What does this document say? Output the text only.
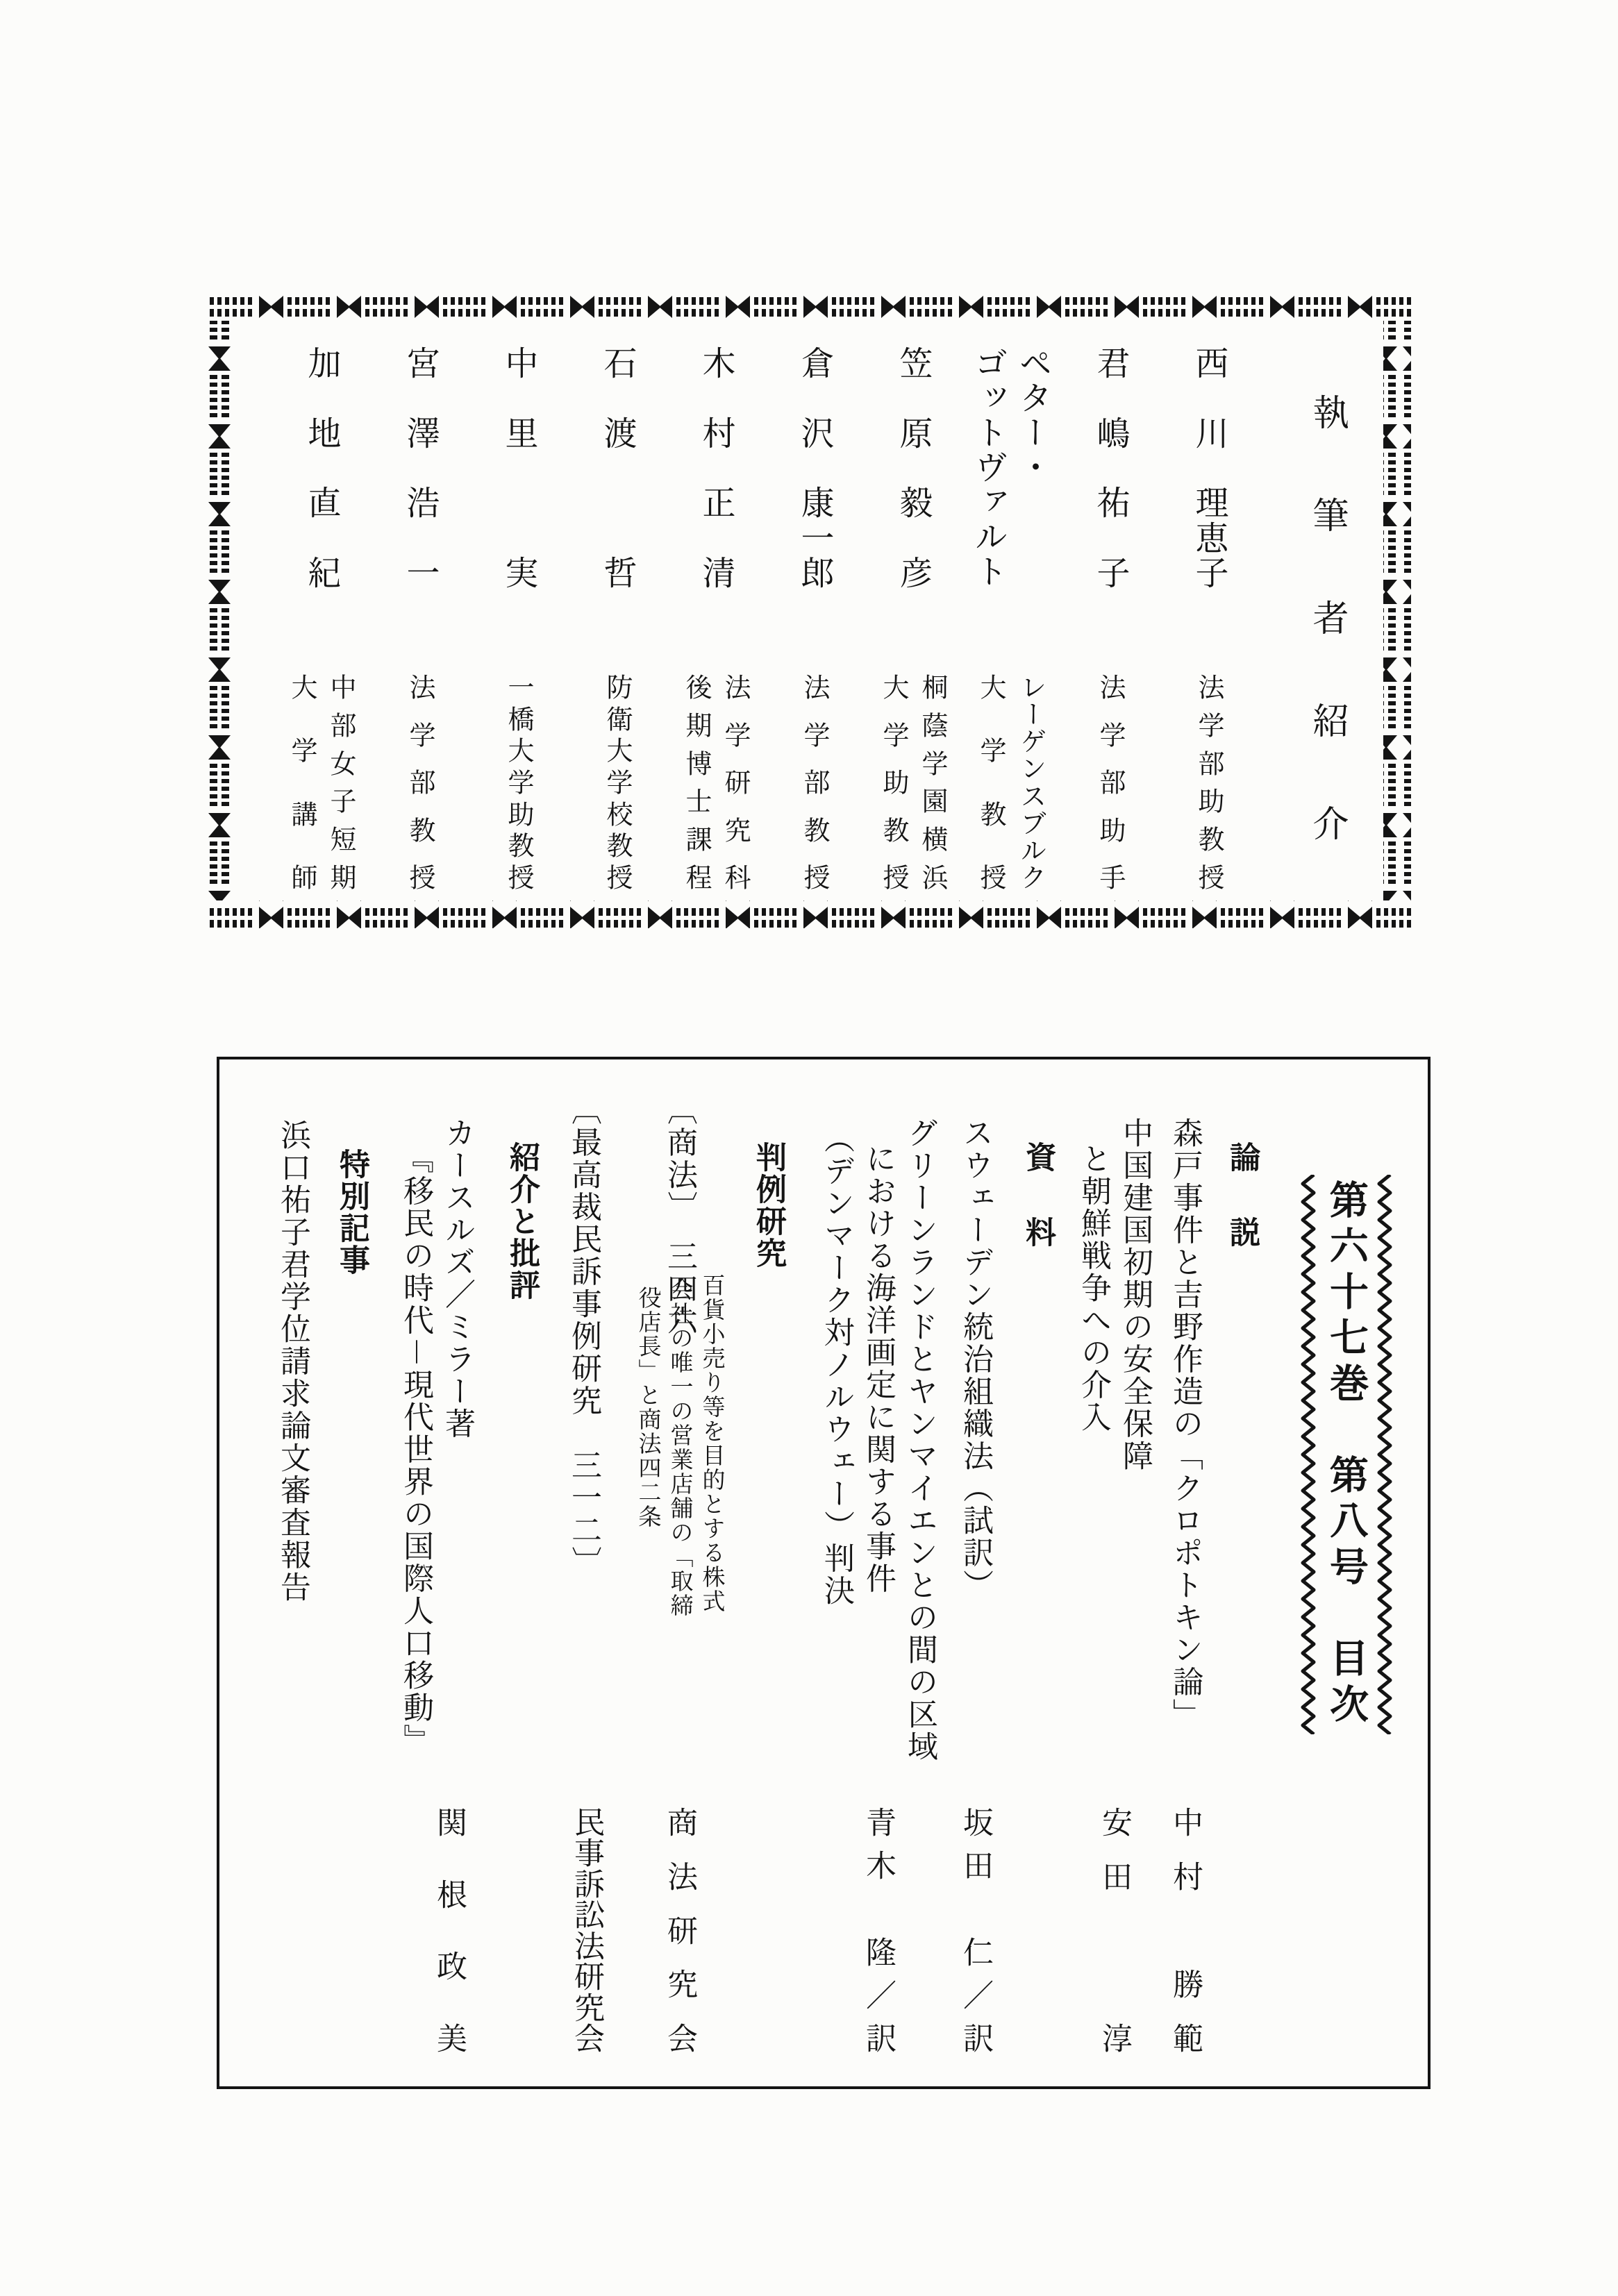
執
筆
者
紹
介
西

川

理
恵
子
法
学
部
助
教
授
君

嶋

祐

子
法
学
部
助
手
ペター・
ゴットヴァルト
レ
ー
ゲ
ン
ス
ブ
ル
ク
大
学
教
授
笠

原

毅

彦
桐
蔭
学
園
横
浜
大
学
助
教
授
倉

沢

康
一
郎
法
学
部
教
授
木

村

正

清
法
学
研
究
科
後
期
博
士
課
程
石

渡

哲
防
衛
大
学
校
教
授
中

里

実
一
橋
大
学
助
教
授
宮

澤

浩

一
法
学
部
教
授
加

地

直

紀
中
部
女
子
短
期
大
学
講
師
第六十七巻　第八号　目次
論　説
森戸事件と吉野作造の「クロポトキン論」
中
村

勝
範
中国建国初期の安全保障
と朝鮮戦争への介入
安
田

淳
資　料
スウェーデン統治組織法（試訳）
坂
田

仁
／
訳
グリーンランドとヤンマイエンとの間の区域
における海洋画定に関する事件
（デンマーク対ノルウェー）判決
青
木

隆
／
訳
判例研究
〔商法〕　三四六
百貨小売り等を目的とする株式
会社の唯一の営業店舗の「取締
役店長」と商法四二条
商
法
研
究
会
〔最高裁民訴事例研究　三一二〕
民
事
訴
訟
法
研
究
会
紹介と批評
カースルズ／ミラー著
『移民の時代－現代世界の国際人口移動』
関

根

政

美
特別記事
浜口祐子君学位請求論文審査報告
